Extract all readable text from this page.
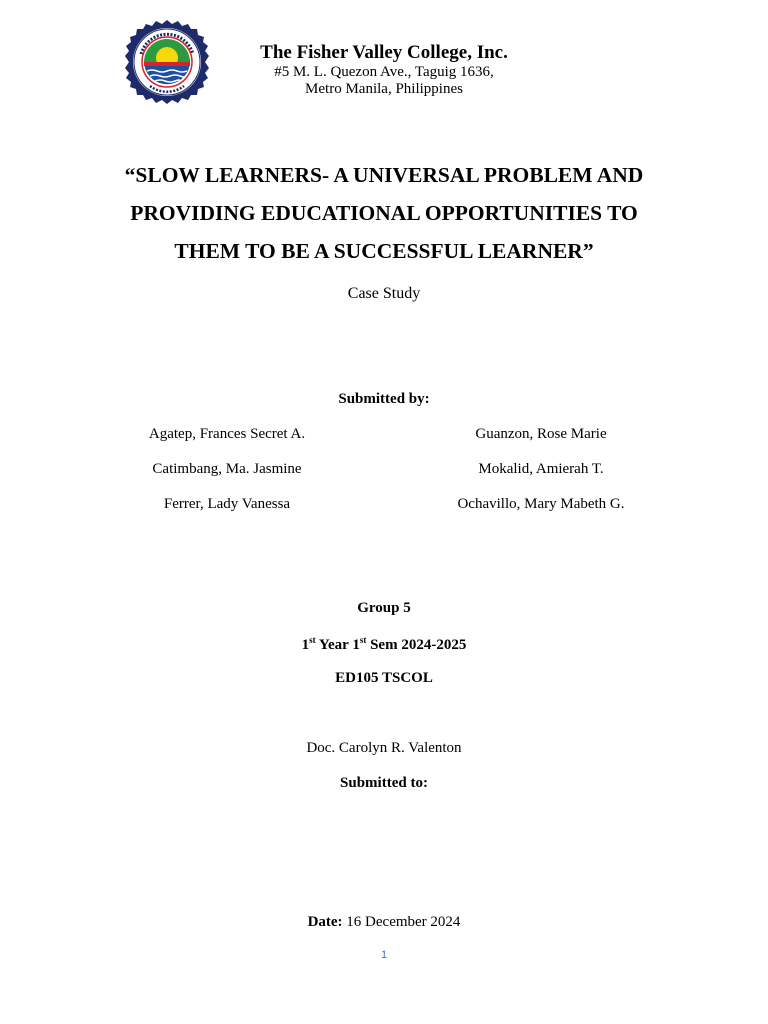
The Fisher Valley College, Inc.
#5 M. L. Quezon Ave., Taguig 1636,
Metro Manila, Philippines
“SLOW LEARNERS- A UNIVERSAL PROBLEM AND
PROVIDING EDUCATIONAL OPPORTUNITIES TO
THEM TO BE A SUCCESSFUL LEARNER”
Case Study
Submitted by:
Agatep, Frances Secret A.
Catimbang, Ma. Jasmine
Ferrer, Lady Vanessa
Guanzon, Rose Marie
Mokalid, Amierah T.
Ochavillo, Mary Mabeth G.
Group 5
1st Year 1st Sem 2024-2025
ED105 TSCOL
Doc. Carolyn R. Valenton
Submitted to:
Date: 16 December 2024
1
